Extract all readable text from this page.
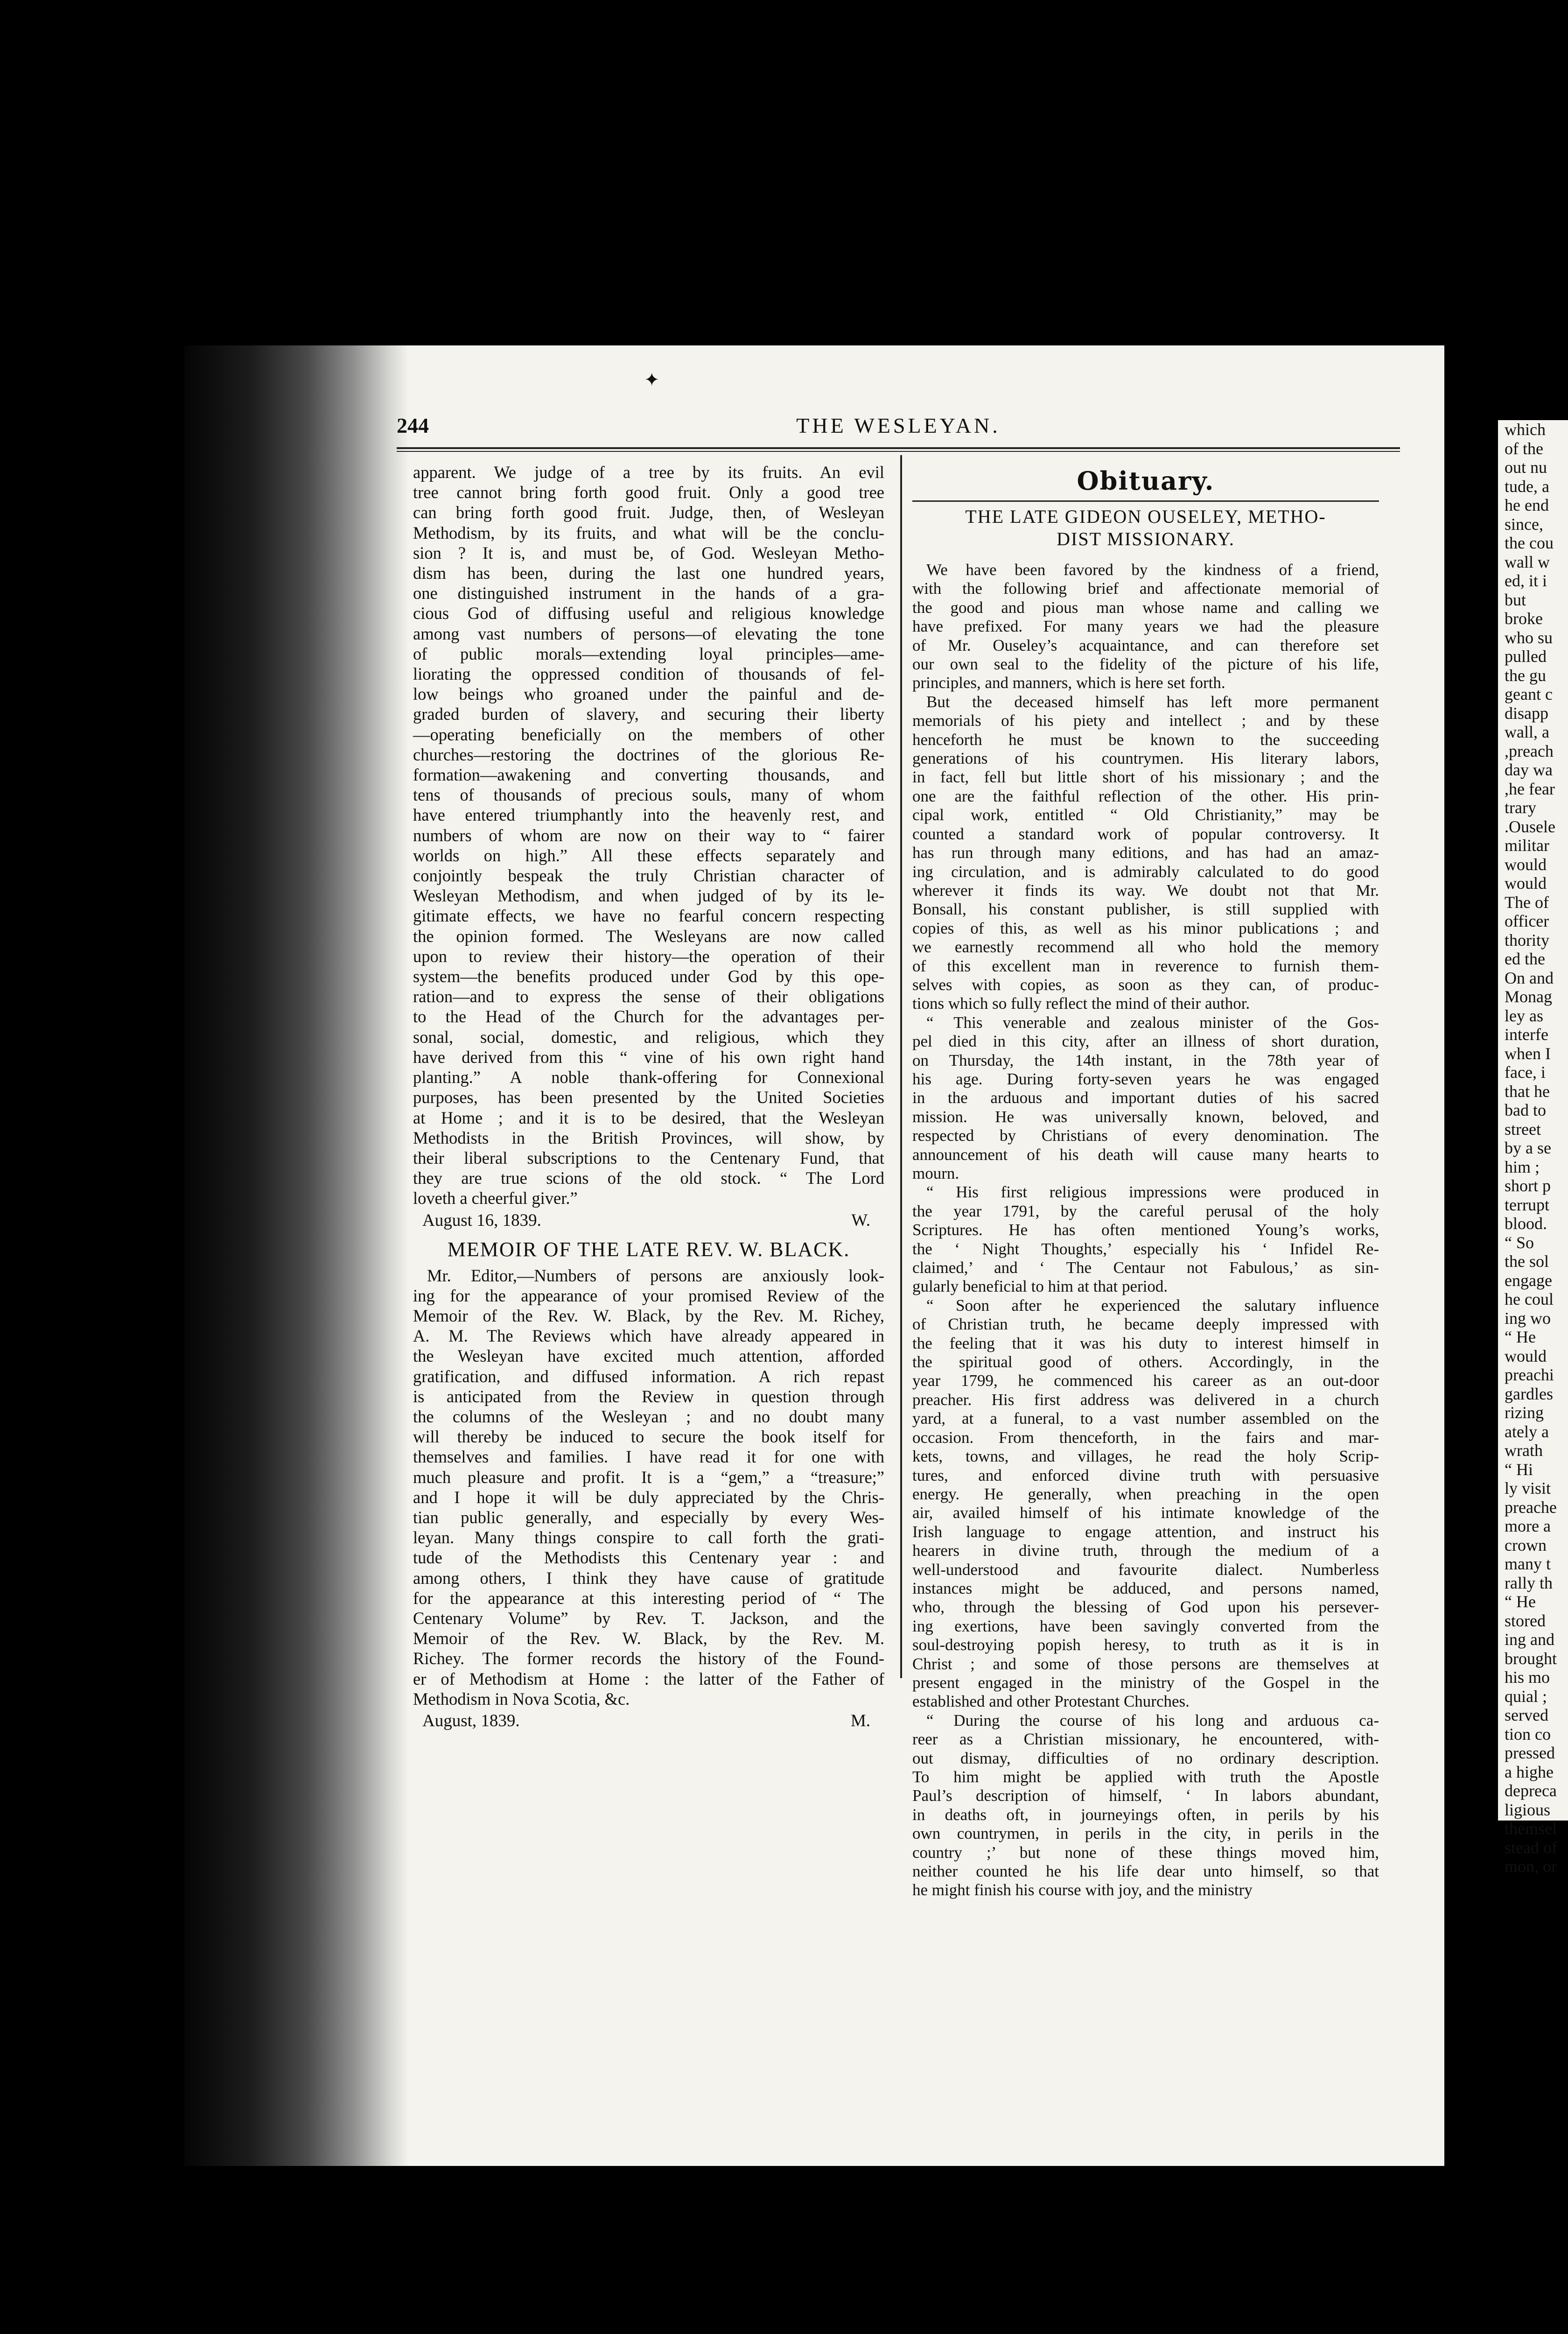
which
of the
out nu
tude, a
he end
since,
the cou
wall w
ed, it i
but
broke
who su
pulled
the gu
geant c
disapp
wall, a
,preach
day wa
,he fear
trary
.Ousele
militar
would
would
The of
officer
thority
ed the
On and
Monag
ley as
interfe
when I
face, i
that he
bad to
street
by a se
him ;
short p
terrupt
blood.
“ So
the sol
engage
he coul
ing wo
“ He
would
preachi
gardles
rizing
ately a
wrath
“ Hi
ly visit
preache
more a
crown
many t
rally th
“ He
stored
ing and
brought
his mo
quial ;
served
tion co
pressed
a highe
depreca
ligious
themsel
stead of
mon, or
✦
244	THE WESLEYAN.
apparent. We judge of a tree by its fruits. An evil
tree cannot bring forth good fruit. Only a good tree
can bring forth good fruit. Judge, then, of Wesleyan
Methodism, by its fruits, and what will be the conclu-
sion ? It is, and must be, of God. Wesleyan Metho-
dism has been, during the last one hundred years,
one distinguished instrument in the hands of a gra-
cious God of diffusing useful and religious knowledge
among vast numbers of persons—of elevating the tone
of public morals—extending loyal principles—ame-
liorating the oppressed condition of thousands of fel-
low beings who groaned under the painful and de-
graded burden of slavery, and securing their liberty
—operating beneficially on the members of other
churches—restoring the doctrines of the glorious Re-
formation—awakening and converting thousands, and
tens of thousands of precious souls, many of whom
have entered triumphantly into the heavenly rest, and
numbers of whom are now on their way to “ fairer
worlds on high.” All these effects separately and
conjointly bespeak the truly Christian character of
Wesleyan Methodism, and when judged of by its le-
gitimate effects, we have no fearful concern respecting
the opinion formed. The Wesleyans are now called
upon to review their history—the operation of their
system—the benefits produced under God by this ope-
ration—and to express the sense of their obligations
to the Head of the Church for the advantages per-
sonal, social, domestic, and religious, which they
have derived from this “ vine of his own right hand
planting.” A noble thank-offering for Connexional
purposes, has been presented by the United Societies
at Home ; and it is to be desired, that the Wesleyan
Methodists in the British Provinces, will show, by
their liberal subscriptions to the Centenary Fund, that
they are true scions of the old stock. “ The Lord
loveth a cheerful giver.”
August 16, 1839.	W.
MEMOIR OF THE LATE REV. W. BLACK.
Mr. Editor,—Numbers of persons are anxiously look-
ing for the appearance of your promised Review of the
Memoir of the Rev. W. Black, by the Rev. M. Richey,
A. M. The Reviews which have already appeared in
the Wesleyan have excited much attention, afforded
gratification, and diffused information. A rich repast
is anticipated from the Review in question through
the columns of the Wesleyan ; and no doubt many
will thereby be induced to secure the book itself for
themselves and families. I have read it for one with
much pleasure and profit. It is a “gem,” a “treasure;”
and I hope it will be duly appreciated by the Chris-
tian public generally, and especially by every Wes-
leyan. Many things conspire to call forth the grati-
tude of the Methodists this Centenary year : and
among others, I think they have cause of gratitude
for the appearance at this interesting period of “ The
Centenary Volume” by Rev. T. Jackson, and the
Memoir of the Rev. W. Black, by the Rev. M.
Richey. The former records the history of the Found-
er of Methodism at Home : the latter of the Father of
Methodism in Nova Scotia, &c.
August, 1839.	M.
Obituary.
THE LATE GIDEON OUSELEY, METHO-
DIST MISSIONARY.
We have been favored by the kindness of a friend,
with the following brief and affectionate memorial of
the good and pious man whose name and calling we
have prefixed. For many years we had the pleasure
of Mr. Ouseley’s acquaintance, and can therefore set
our own seal to the fidelity of the picture of his life,
principles, and manners, which is here set forth.
But the deceased himself has left more permanent
memorials of his piety and intellect ; and by these
henceforth he must be known to the succeeding
generations of his countrymen. His literary labors,
in fact, fell but little short of his missionary ; and the
one are the faithful reflection of the other. His prin-
cipal work, entitled “ Old Christianity,” may be
counted a standard work of popular controversy. It
has run through many editions, and has had an amaz-
ing circulation, and is admirably calculated to do good
wherever it finds its way. We doubt not that Mr.
Bonsall, his constant publisher, is still supplied with
copies of this, as well as his minor publications ; and
we earnestly recommend all who hold the memory
of this excellent man in reverence to furnish them-
selves with copies, as soon as they can, of produc-
tions which so fully reflect the mind of their author.
“ This venerable and zealous minister of the Gos-
pel died in this city, after an illness of short duration,
on Thursday, the 14th instant, in the 78th year of
his age. During forty-seven years he was engaged
in the arduous and important duties of his sacred
mission. He was universally known, beloved, and
respected by Christians of every denomination. The
announcement of his death will cause many hearts to
mourn.
“ His first religious impressions were produced in
the year 1791, by the careful perusal of the holy
Scriptures. He has often mentioned Young’s works,
the ‘ Night Thoughts,’ especially his ‘ Infidel Re-
claimed,’ and ‘ The Centaur not Fabulous,’ as sin-
gularly beneficial to him at that period.
“ Soon after he experienced the salutary influence
of Christian truth, he became deeply impressed with
the feeling that it was his duty to interest himself in
the spiritual good of others. Accordingly, in the
year 1799, he commenced his career as an out-door
preacher. His first address was delivered in a church
yard, at a funeral, to a vast number assembled on the
occasion. From thenceforth, in the fairs and mar-
kets, towns, and villages, he read the holy Scrip-
tures, and enforced divine truth with persuasive
energy. He generally, when preaching in the open
air, availed himself of his intimate knowledge of the
Irish language to engage attention, and instruct his
hearers in divine truth, through the medium of a
well-understood and favourite dialect. Numberless
instances might be adduced, and persons named,
who, through the blessing of God upon his persever-
ing exertions, have been savingly converted from the
soul-destroying popish heresy, to truth as it is in
Christ ; and some of those persons are themselves at
present engaged in the ministry of the Gospel in the
established and other Protestant Churches.
“ During the course of his long and arduous ca-
reer as a Christian missionary, he encountered, with-
out dismay, difficulties of no ordinary description.
To him might be applied with truth the Apostle
Paul’s description of himself, ‘ In labors abundant,
in deaths oft, in journeyings often, in perils by his
own countrymen, in perils in the city, in perils in the
country ;’ but none of these things moved him,
neither counted he his life dear unto himself, so that
he might finish his course with joy, and the ministry
